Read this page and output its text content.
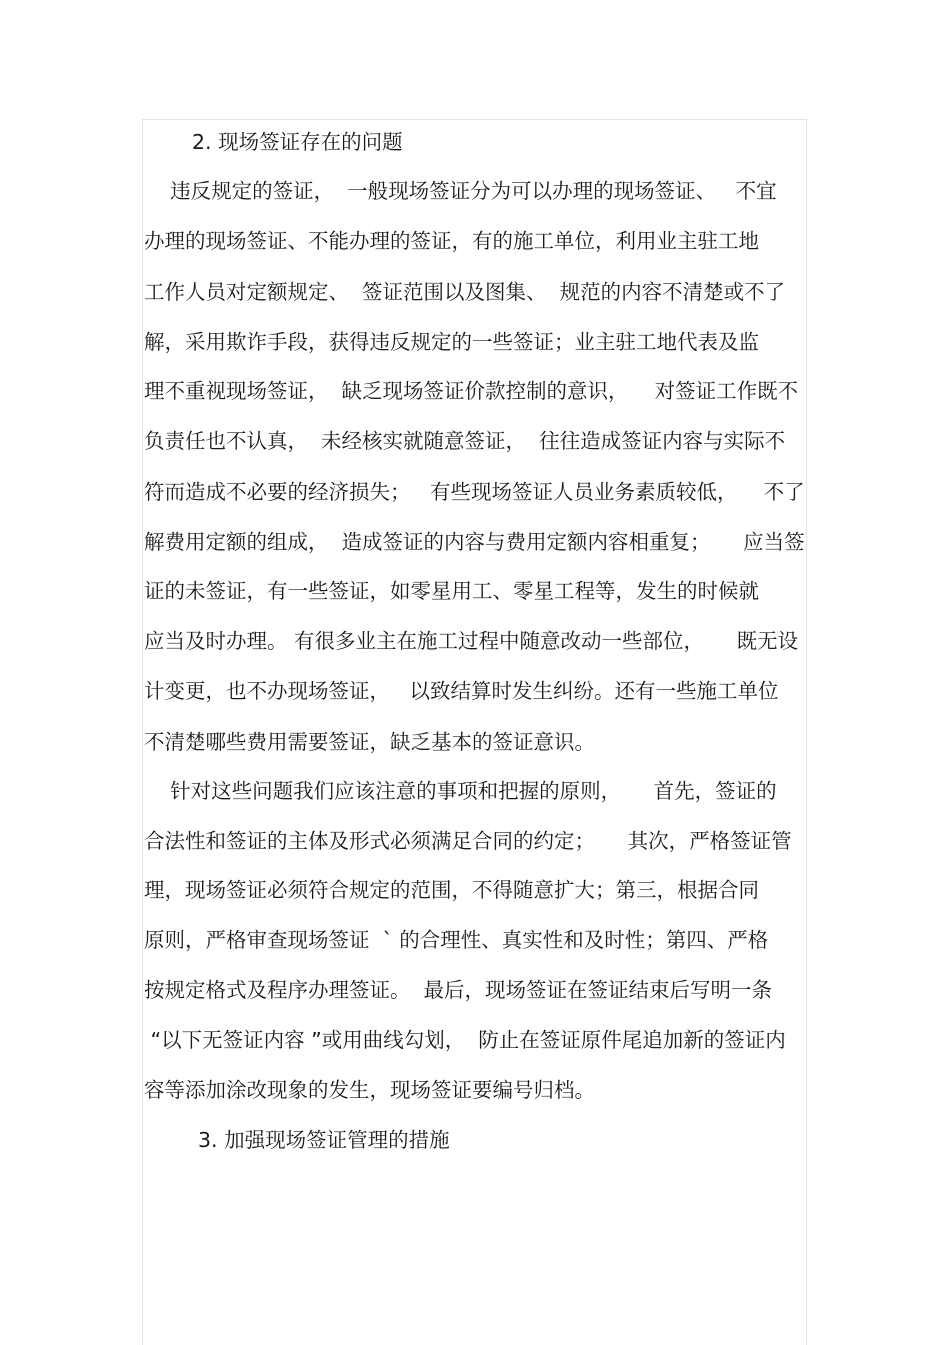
2. 现场签证存在的问题
违反规定的签证，  一般现场签证分为可以办理的现场签证、   不宜
办理的现场签证、不能办理的签证，有的施工单位，利用业主驻工地
工作人员对定额规定、  签证范围以及图集、  规范的内容不清楚或不了
解，采用欺诈手段，获得违反规定的一些签证；业主驻工地代表及监
理不重视现场签证，  缺乏现场签证价款控制的意识，    对签证工作既不
负责任也不认真，  未经核实就随意签证，  往往造成签证内容与实际不
符而造成不必要的经济损失；   有些现场签证人员业务素质较低，    不了
解费用定额的组成，  造成签证的内容与费用定额内容相重复；     应当签
证的未签证，有一些签证，如零星用工、零星工程等，发生的时候就
应当及时办理。 有很多业主在施工过程中随意改动一些部位，     既无设
计变更，也不办现场签证，   以致结算时发生纠纷。还有一些施工单位
不清楚哪些费用需要签证，缺乏基本的签证意识。
针对这些问题我们应该注意的事项和把握的原则，     首先，签证的
合法性和签证的主体及形式必须满足合同的约定；     其次，严格签证管
理，现场签证必须符合规定的范围，不得随意扩大；第三，根据合同
原则，严格审查现场签证  ` 的合理性、真实性和及时性；第四、严格
按规定格式及程序办理签证。  最后，现场签证在签证结束后写明一条
“以下无签证内容 ”或用曲线勾划，  防止在签证原件尾追加新的签证内
容等添加涂改现象的发生，现场签证要编号归档。
3. 加强现场签证管理的措施
